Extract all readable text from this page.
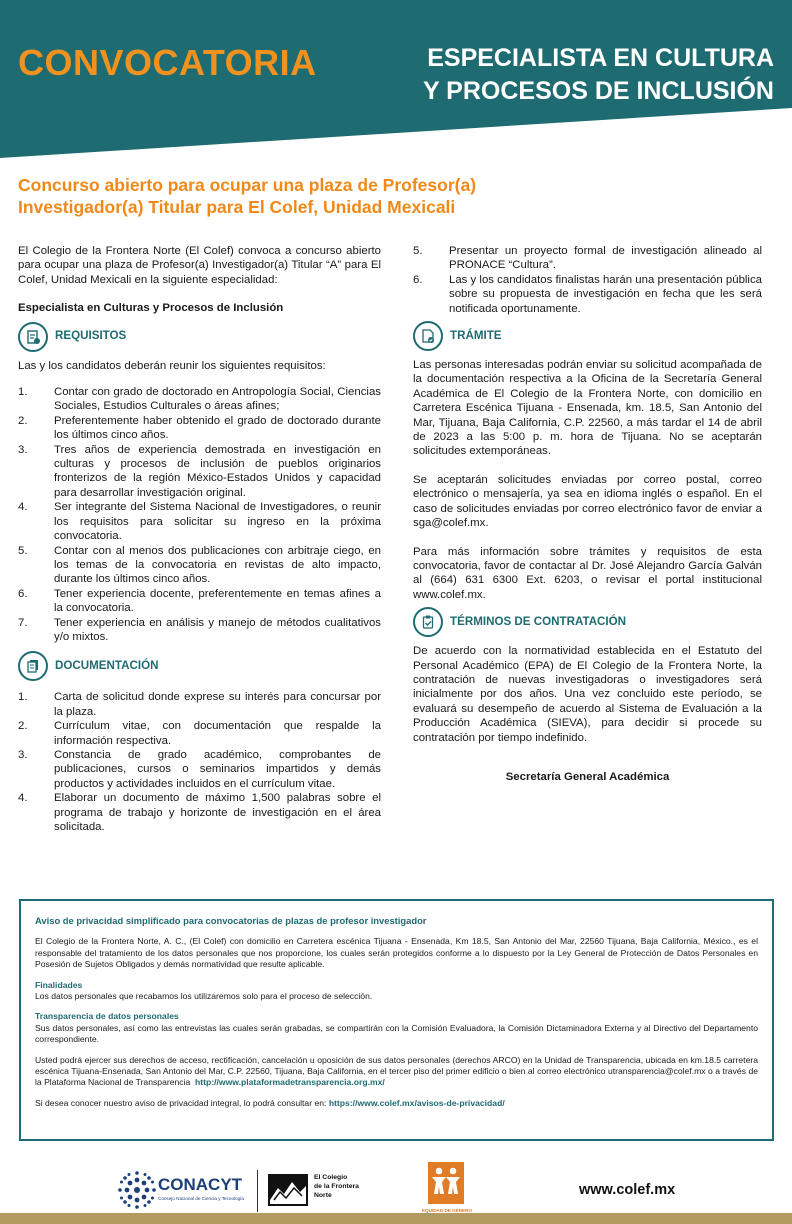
CONVOCATORIA	ESPECIALISTA EN CULTURA
Y PROCESOS DE INCLUSIÓN
Concurso abierto para ocupar una plaza de Profesor(a)
Investigador(a) Titular para El Colef, Unidad Mexicali

El Colegio de la Frontera Norte (El Colef) convoca a concurso abierto para ocupar una plaza de Profesor(a) Investigador(a) Titular “A” para El Colef, Unidad Mexicali en la siguiente especialidad:

Especialista en Culturas y Procesos de Inclusión

REQUISITOS

Las y los candidatos deberán reunir los siguientes requisitos:

1.	Contar con grado de doctorado en Antropología Social, Ciencias Sociales, Estudios Culturales o áreas afines;
2.	Preferentemente haber obtenido el grado de doctorado durante los últimos cinco años.
3.	Tres años de experiencia demostrada en investigación en culturas y procesos de inclusión de pueblos originarios fronterizos de la región México-Estados Unidos y capacidad para desarrollar investigación original.
4.	Ser integrante del Sistema Nacional de Investigadores, o reunir los requisitos para solicitar su ingreso en la próxima convocatoria.
5.	Contar con al menos dos publicaciones con arbitraje ciego, en los temas de la convocatoria en revistas de alto impacto, durante los últimos cinco años.
6.	Tener experiencia docente, preferentemente en temas afines a la convocatoria.
7.	Tener experiencia en análisis y manejo de métodos cualitativos y/o mixtos.
DOCUMENTACIÓN
1.	Carta de solicitud donde exprese su interés para concursar por la plaza.
2.	Currículum vitae, con documentación que respalde la información respectiva.
3.	Constancia de grado académico, comprobantes de publicaciones, cursos o seminarios impartidos y demás productos y actividades incluidos en el currículum vitae.
4.	Elaborar un documento de máximo 1,500 palabras sobre el programa de trabajo y horizonte de investigación en el área solicitada.
5.	Presentar un proyecto formal de investigación alineado al PRONACE “Cultura”.
6.	Las y los candidatos finalistas harán una presentación pública sobre su propuesta de investigación en fecha que les será notificada oportunamente.
TRÁMITE

Las personas interesadas podrán enviar su solicitud acompañada de la documentación respectiva a la Oficina de la Secretaría General Académica de El Colegio de la Frontera Norte, con domicilio en Carretera Escénica Tijuana - Ensenada, km. 18.5, San Antonio del Mar, Tijuana, Baja California, C.P. 22560, a más tardar el 14 de abril de 2023 a las 5:00 p. m. hora de Tijuana. No se aceptarán solicitudes extemporáneas.

Se aceptarán solicitudes enviadas por correo postal, correo electrónico o mensajería, ya sea en idioma inglés o español. En el caso de solicitudes enviadas por correo electrónico favor de enviar a sga@colef.mx.

Para más información sobre trámites y requisitos de esta convocatoria, favor de contactar al Dr. José Alejandro García Galván al (664) 631 6300 Ext. 6203, o revisar el portal institucional www.colef.mx.

TÉRMINOS DE CONTRATACIÓN

De acuerdo con la normatividad establecida en el Estatuto del Personal Académico (EPA) de El Colegio de la Frontera Norte, la contratación de nuevas investigadoras o investigadores será inicialmente por dos años. Una vez concluido este período, se evaluará su desempeño de acuerdo al Sistema de Evaluación a la Producción Académica (SIEVA), para decidir si procede su contratación por tiempo indefinido.

Secretaría General Académica

Aviso de privacidad simplificado para convocatorias de plazas de profesor investigador

El Colegio de la Frontera Norte, A. C., (El Colef) con domicilio en Carretera escénica Tijuana - Ensenada, Km 18.5, San Antonio del Mar, 22560 Tijuana, Baja California, México., es el responsable del tratamiento de los datos personales que nos proporcione, los cuales serán protegidos conforme a lo dispuesto por la Ley General de Protección de Datos Personales en Posesión de Sujetos Obligados y demás normatividad que resulte aplicable.

Finalidades

Los datos personales que recabamos los utilizaremos solo para el proceso de selección.

Transparencia de datos personales

Sus datos personales, así como las entrevistas las cuales serán grabadas, se compartirán con la Comisión Evaluadora, la Comisión Dictaminadora Externa y al Directivo del Departamento correspondiente.

Usted podrá ejercer sus derechos de acceso, rectificación, cancelación u oposición de sus datos personales (derechos ARCO) en la Unidad de Transparencia, ubicada en km.18.5 carretera escénica Tijuana-Ensenada, San Antonio del Mar, C.P. 22560, Tijuana, Baja California, en el tercer piso del primer edificio o bien al correo electrónico utransparencia@colef.mx o a través de la Plataforma Nacional de Transparencia http://www.plataformadetransparencia.org.mx/

Si desea conocer nuestro aviso de privacidad integral, lo podrá consultar en: https://www.colef.mx/avisos-de-privacidad/

CONACYT
Consejo Nacional de Ciencia y Tecnología
El Colegio
de la Frontera
Norte
EQUIDAD DE GÉNERO
www.colef.mx
